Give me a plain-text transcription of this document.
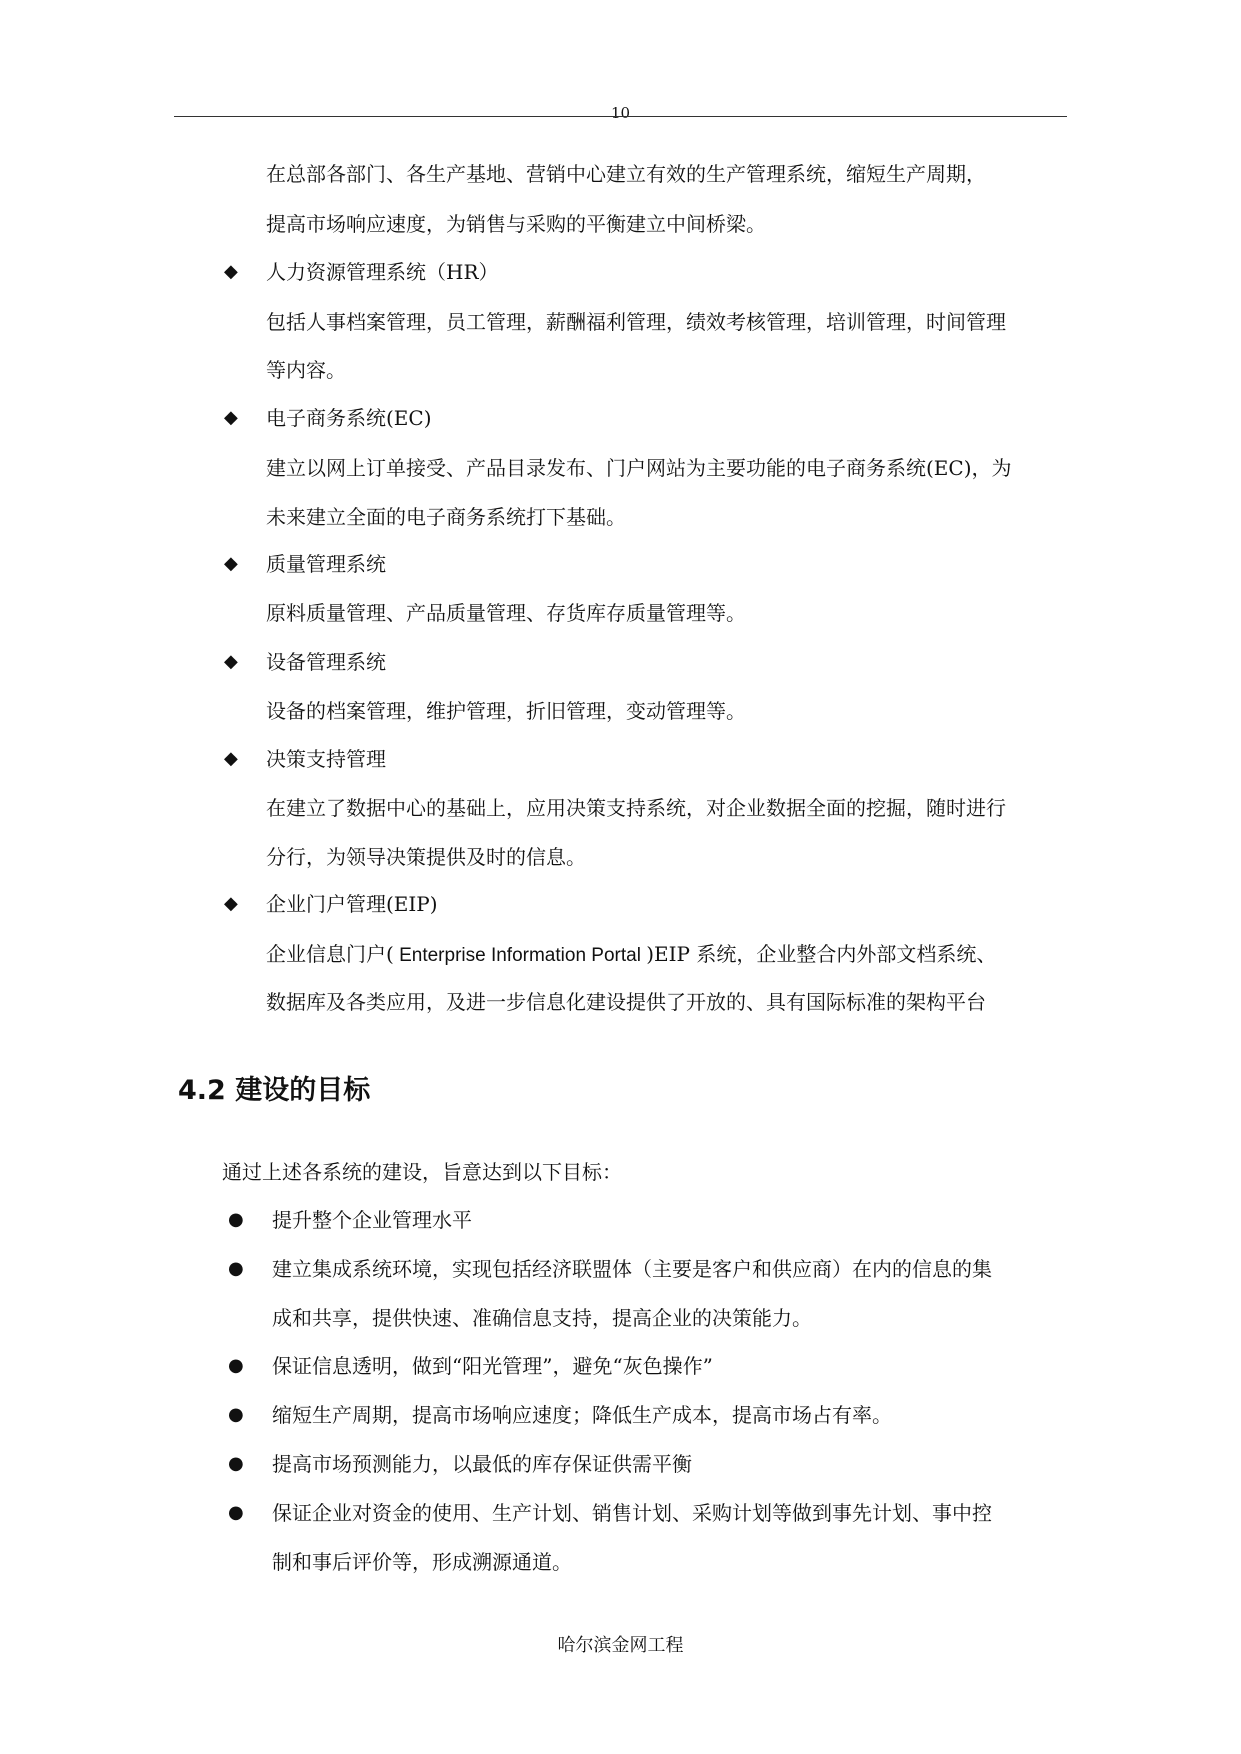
10
在总部各部门、各生产基地、营销中心建立有效的生产管理系统，缩短生产周期，
提高市场响应速度，为销售与采购的平衡建立中间桥梁。
◆ 人力资源管理系统（HR）
包括人事档案管理，员工管理，薪酬福利管理，绩效考核管理，培训管理，时间管理
等内容。
◆ 电子商务系统(EC)
建立以网上订单接受、产品目录发布、门户网站为主要功能的电子商务系统(EC)，为
未来建立全面的电子商务系统打下基础。
◆ 质量管理系统
原料质量管理、产品质量管理、存货库存质量管理等。
◆ 设备管理系统
设备的档案管理，维护管理，折旧管理，变动管理等。
◆ 决策支持管理
在建立了数据中心的基础上，应用决策支持系统，对企业数据全面的挖掘，随时进行
分行，为领导决策提供及时的信息。
◆ 企业门户管理(EIP)
企业信息门户( Enterprise Information Portal )EIP 系统，企业整合内外部文档系统、
数据库及各类应用，及进一步信息化建设提供了开放的、具有国际标准的架构平台
4.2 建设的目标
通过上述各系统的建设，旨意达到以下目标：
● 提升整个企业管理水平
● 建立集成系统环境，实现包括经济联盟体（主要是客户和供应商）在内的信息的集
成和共享，提供快速、准确信息支持，提高企业的决策能力。
● 保证信息透明，做到“阳光管理”，避免“灰色操作”
● 缩短生产周期，提高市场响应速度；降低生产成本，提高市场占有率。
● 提高市场预测能力，以最低的库存保证供需平衡
● 保证企业对资金的使用、生产计划、销售计划、采购计划等做到事先计划、事中控
制和事后评价等，形成溯源通道。
哈尔滨金网工程
